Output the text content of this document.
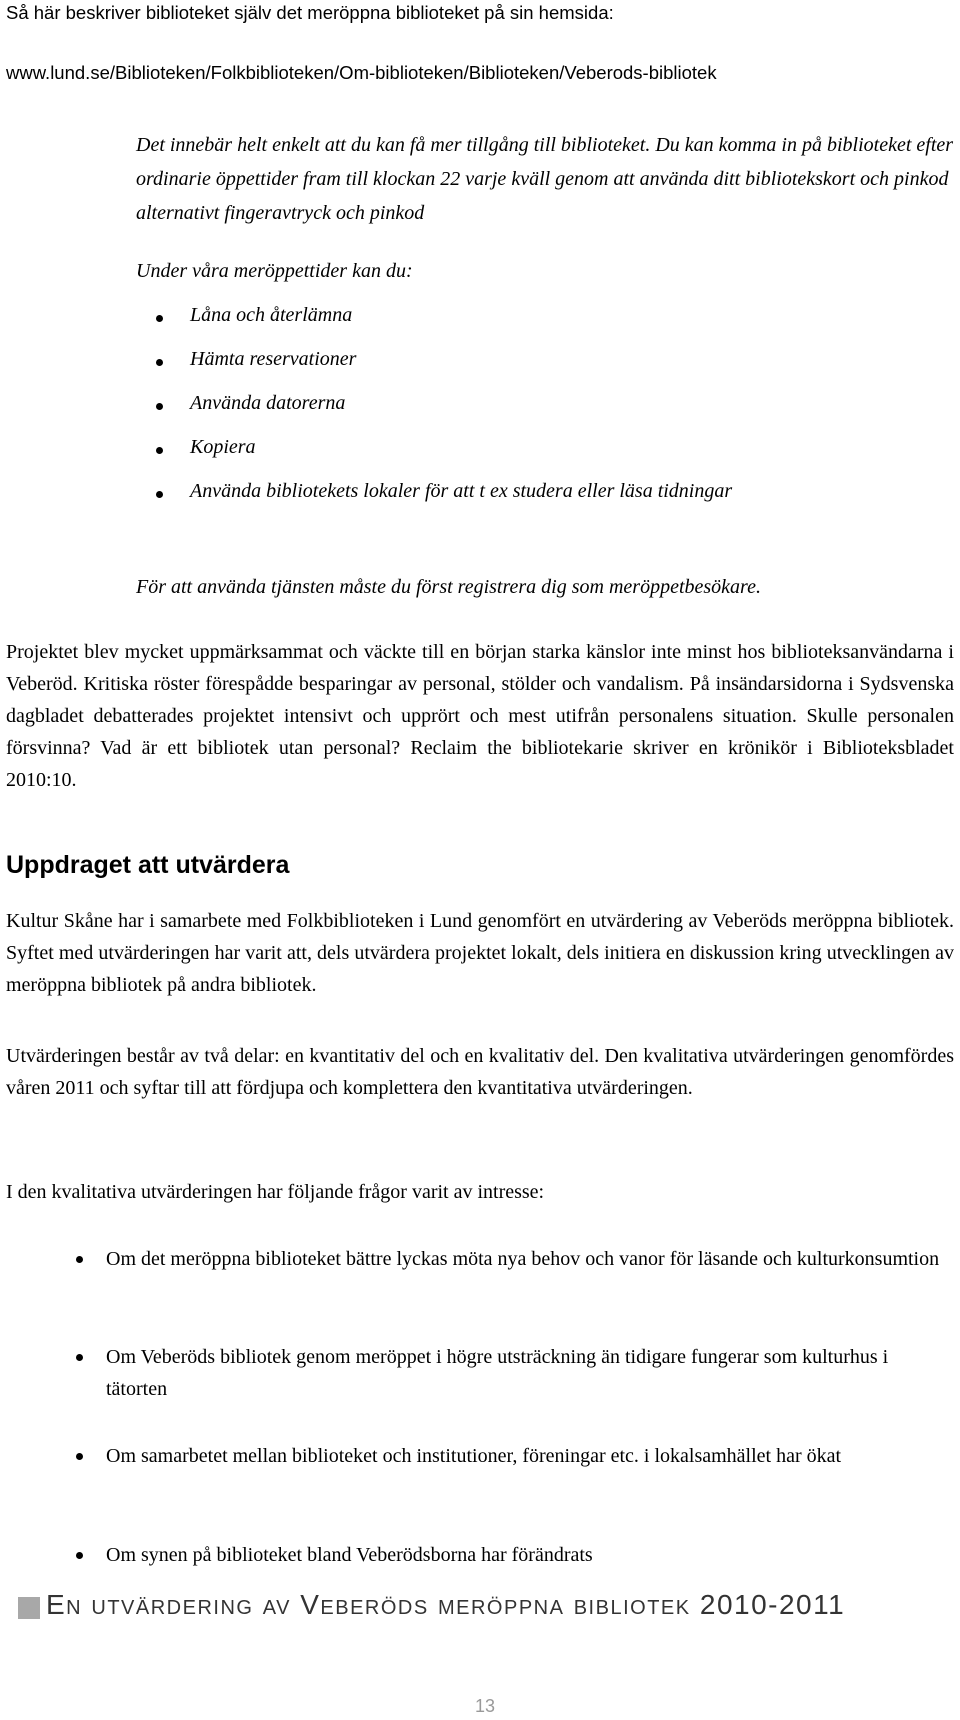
Så här beskriver biblioteket själv det meröppna biblioteket på sin hemsida:
www.lund.se/Biblioteken/Folkbiblioteken/Om-biblioteken/Biblioteken/Veberods-bibliotek

Det innebär helt enkelt att du kan få mer tillgång till biblioteket. Du kan komma in på biblioteket efter ordinarie öppettider fram till klockan 22 varje kväll genom att använda ditt bibliotekskort och pinkod alternativt fingeravtryck och pinkod

Under våra meröppettider kan du:
Låna och återlämna
Hämta reservationer
Använda datorerna
Kopiera
Använda bibliotekets lokaler för att t ex studera eller läsa tidningar
För att använda tjänsten måste du först registrera dig som meröppetbesökare.

Projektet blev mycket uppmärksammat och väckte till en början starka känslor inte minst hos biblioteksanvändarna i Veberöd. Kritiska röster förespådde besparingar av personal, stölder och vandalism. På insändarsidorna i Sydsvenska dagbladet debatterades projektet intensivt och upprört och mest utifrån personalens situation. Skulle personalen försvinna? Vad är ett bibliotek utan personal? Reclaim the bibliotekarie skriver en krönikör i Biblioteksbladet 2010:10.

Uppdraget att utvärdera

Kultur Skåne har i samarbete med Folkbiblioteken i Lund genomfört en utvärdering av Veberöds meröppna bibliotek. Syftet med utvärderingen har varit att, dels utvärdera projektet lokalt, dels initiera en diskussion kring utvecklingen av meröppna bibliotek på andra bibliotek.

Utvärderingen består av två delar: en kvantitativ del och en kvalitativ del. Den kvalitativa utvärderingen genomfördes våren 2011 och syftar till att fördjupa och komplettera den kvantitativa utvärderingen.

I den kvalitativa utvärderingen har följande frågor varit av intresse:

Om det meröppna biblioteket bättre lyckas möta nya behov och vanor för läsande och kulturkonsumtion
Om Veberöds bibliotek genom meröppet i högre utsträckning än tidigare fungerar som kulturhus i tätorten
Om samarbetet mellan biblioteket och institutioner, föreningar etc. i lokalsamhället har ökat
Om synen på biblioteket bland Veberödsborna har förändrats
En utvärdering av Veberöds meröppna bibliotek 2010-2011
13
